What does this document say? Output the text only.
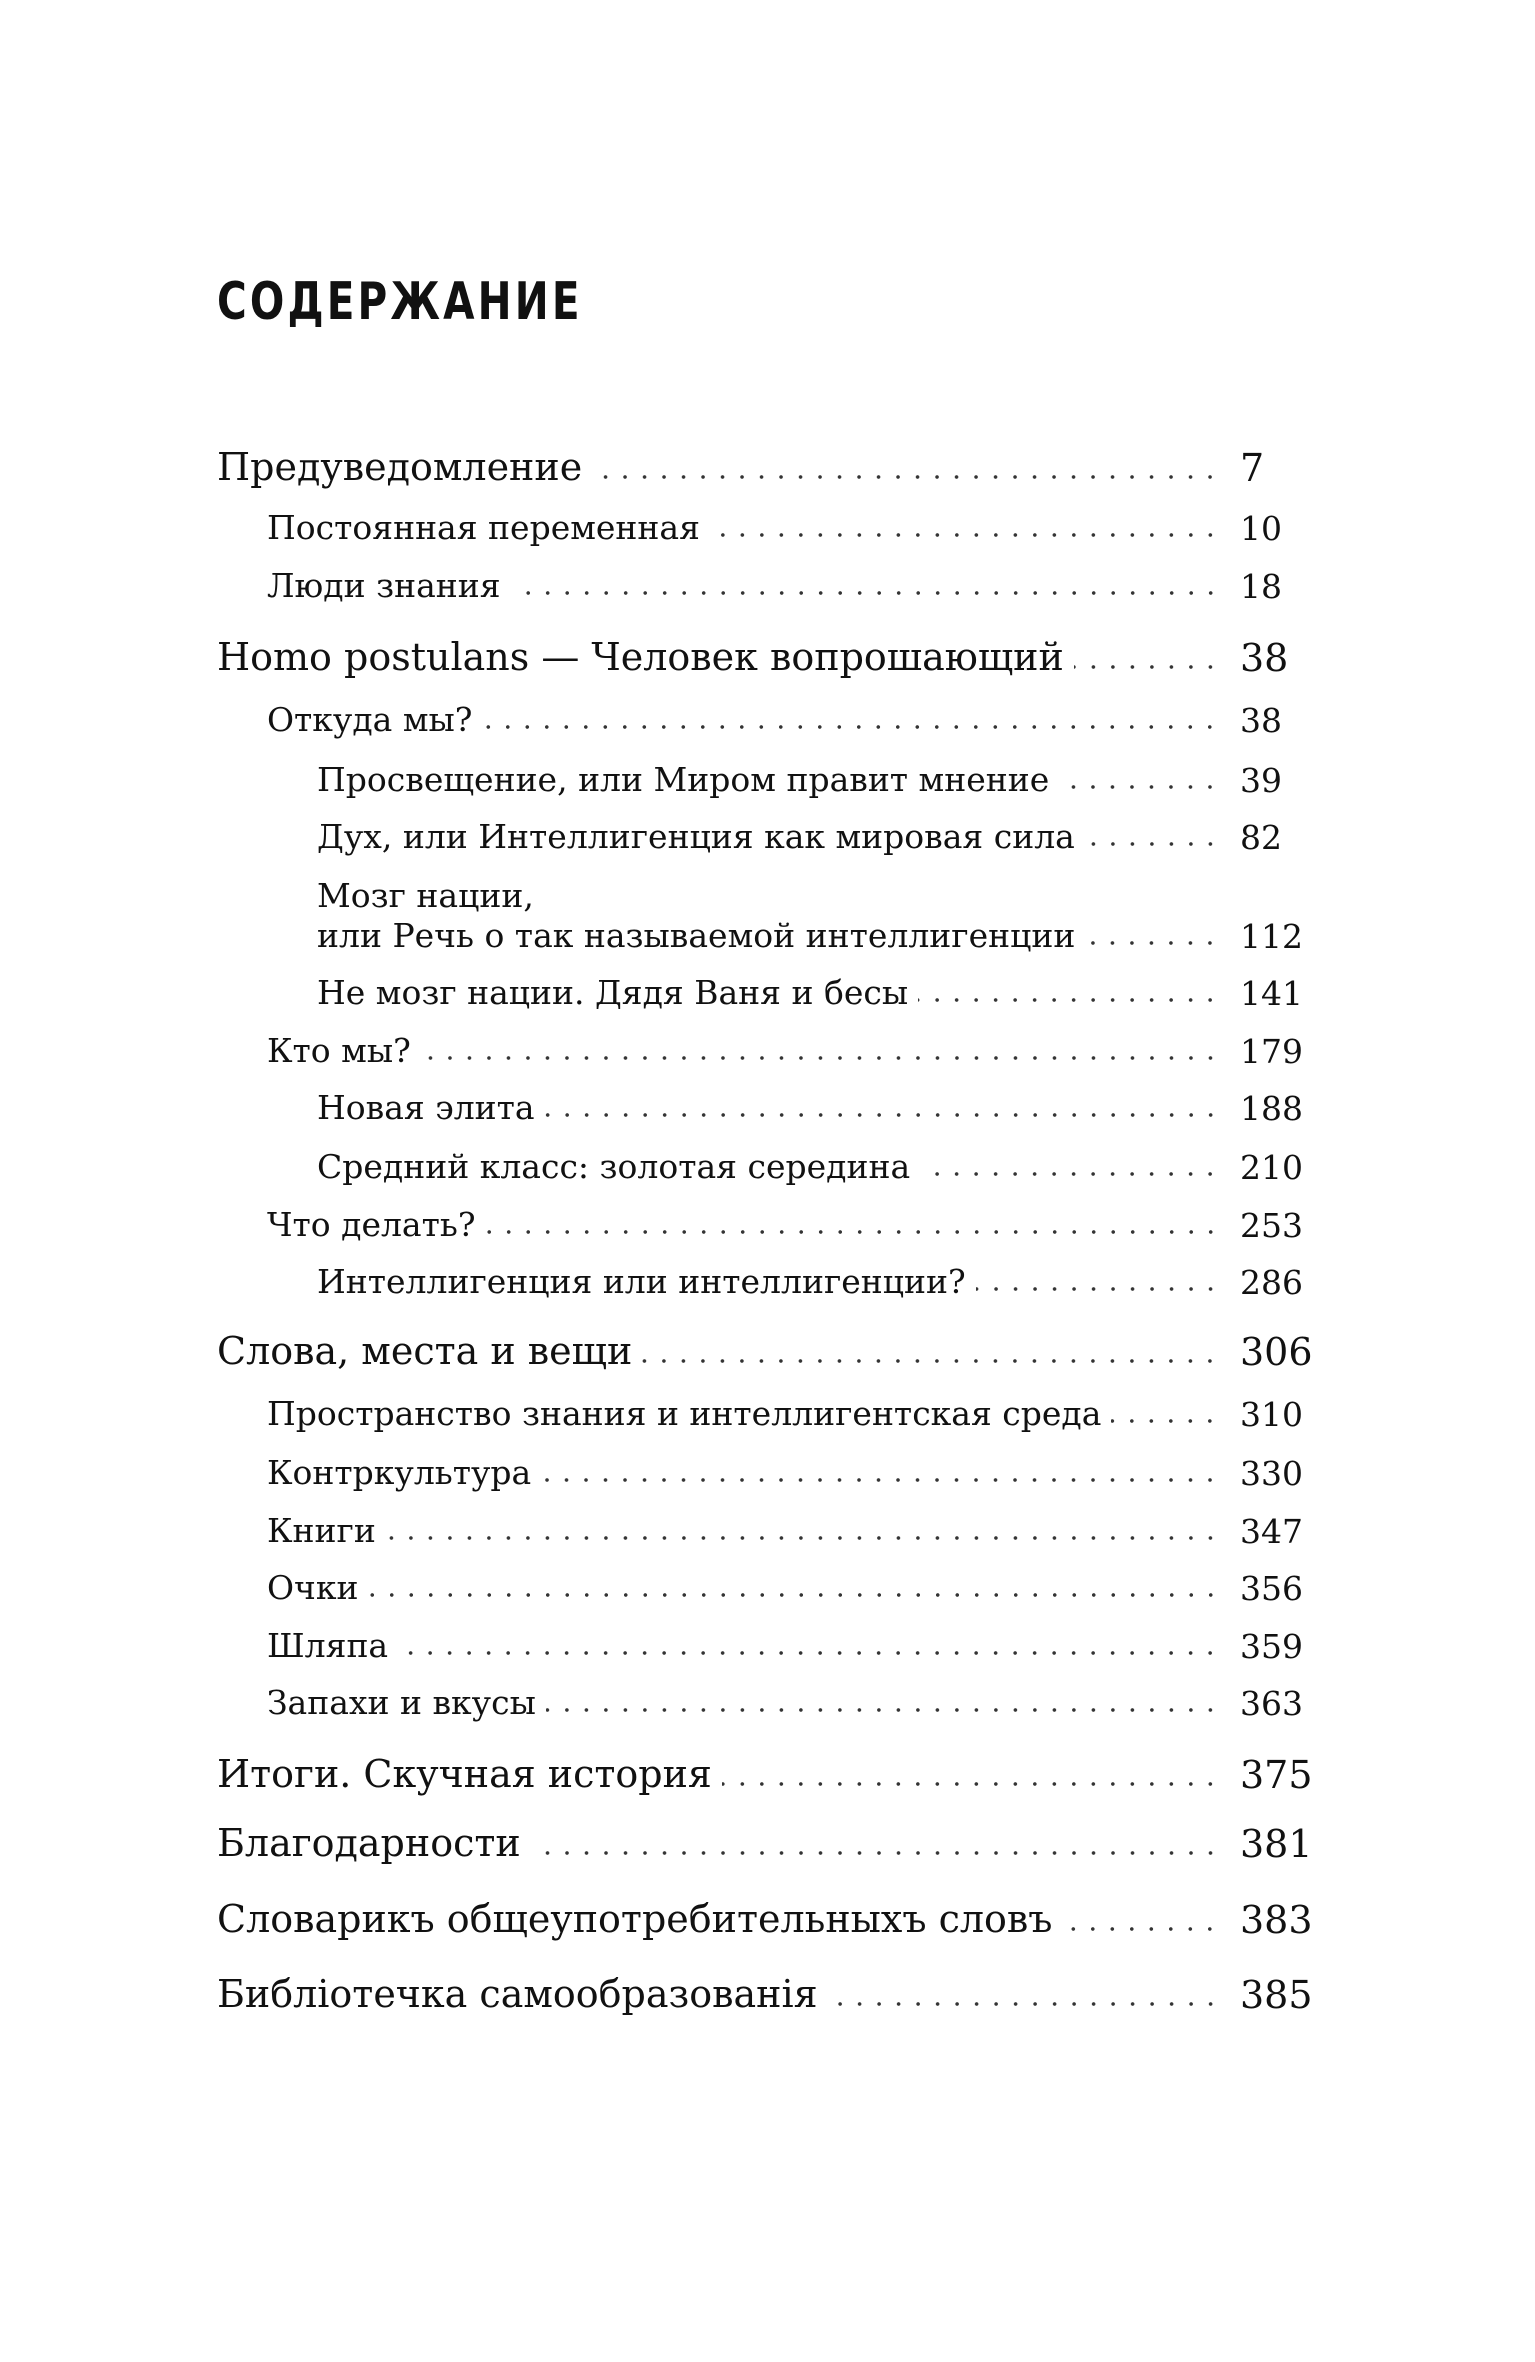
СОДЕРЖАНИЕ
Предуведомление	7
Постоянная переменная	10
Люди знания	18
Homo postulans — Человек вопрошающий	38
Откуда мы?	38
Просвещение, или Миром правит мнение	39
Дух, или Интеллигенция как мировая сила	82
Мозг нации,
или Речь о так называемой интеллигенции	112
Не мозг нации. Дядя Ваня и бесы	141
Кто мы?	179
Новая элита	188
Средний класс: золотая середина	210
Что делать?	253
Интеллигенция или интеллигенции?	286
Слова, места и вещи	306
Пространство знания и интеллигентская среда	310
Контркультура	330
Книги	347
Очки	356
Шляпа	359
Запахи и вкусы	363
Итоги. Скучная история	375
Благодарности	381
Словарикъ общеупотребительныхъ словъ	383
Библіотечка самообразованія	385
